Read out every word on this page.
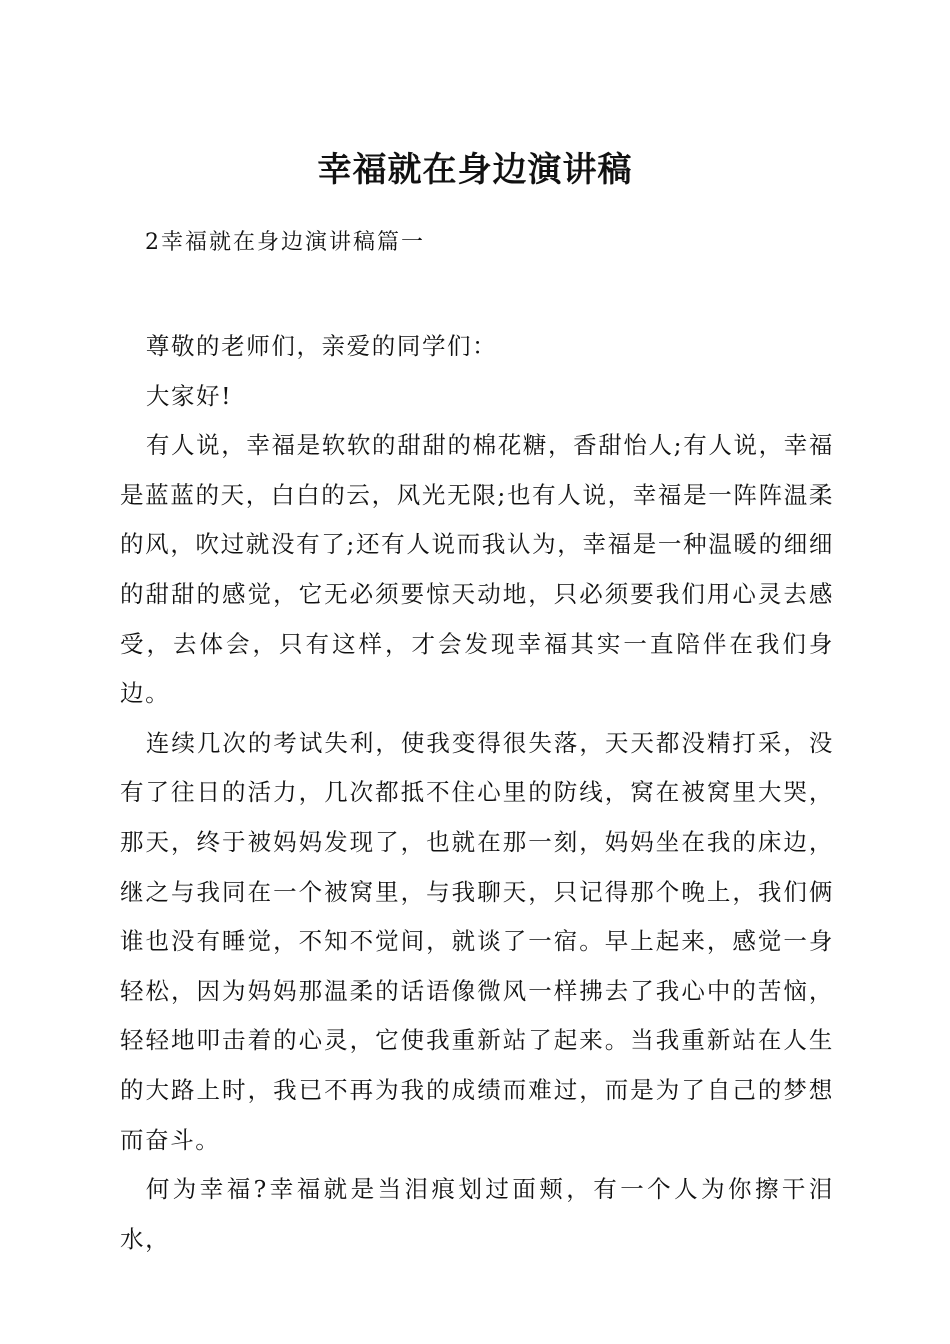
幸福就在身边演讲稿
2幸福就在身边演讲稿篇一

尊敬的老师们，亲爱的同学们：

大家好!

有人说，幸福是软软的甜甜的棉花糖，香甜怡人;有人说，幸福是蓝蓝的天，白白的云，风光无限;也有人说，幸福是一阵阵温柔的风，吹过就没有了;还有人说而我认为，幸福是一种温暖的细细的甜甜的感觉，它无必须要惊天动地，只必须要我们用心灵去感受，去体会，只有这样，才会发现幸福其实一直陪伴在我们身边。

连续几次的考试失利，使我变得很失落，天天都没精打采，没有了往日的活力，几次都抵不住心里的防线，窝在被窝里大哭，那天，终于被妈妈发现了，也就在那一刻，妈妈坐在我的床边，继之与我同在一个被窝里，与我聊天，只记得那个晚上，我们俩谁也没有睡觉，不知不觉间，就谈了一宿。早上起来，感觉一身轻松，因为妈妈那温柔的话语像微风一样拂去了我心中的苦恼，轻轻地叩击着的心灵，它使我重新站了起来。当我重新站在人生的大路上时，我已不再为我的成绩而难过，而是为了自己的梦想而奋斗。

何为幸福?幸福就是当泪痕划过面颊，有一个人为你擦干泪水，
